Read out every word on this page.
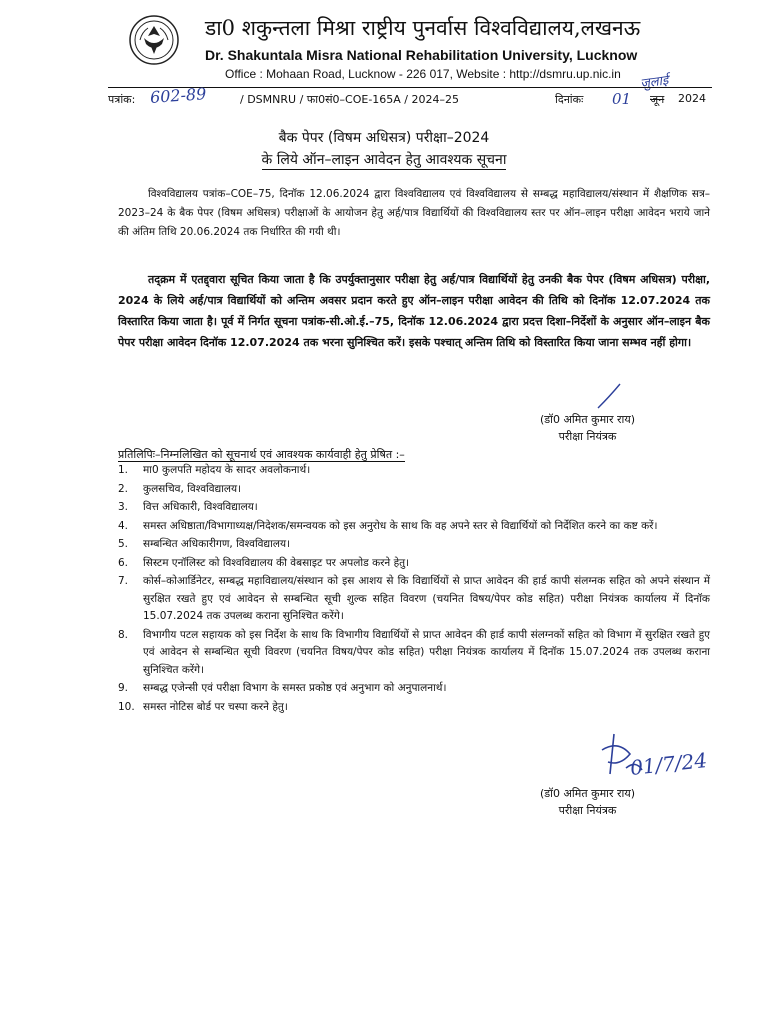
डा0 शकुन्तला मिश्रा राष्ट्रीय पुनर्वास विश्वविद्यालय,लखनऊ
Dr. Shakuntala Misra National Rehabilitation University, Lucknow
Office : Mohaan Road, Lucknow - 226 017, Website : http://dsmru.up.nic.in जुलाई
पत्रांक: 602-89	/ DSMNRU / फा0सं0–COE-165A / 2024–25	दिनांकः 01 जून 2024
बैक पेपर (विषम अधिसत्र) परीक्षा–2024
के लिये ऑन–लाइन आवेदन हेतु आवश्यक सूचना
विश्वविद्यालय पत्रांक–COE–75, दिनॉक 12.06.2024 द्वारा विश्वविद्यालय एवं विश्वविद्यालय से सम्बद्ध महाविद्यालय/संस्थान में शैक्षणिक सत्र–2023–24 के बैक पेपर (विषम अधिसत्र) परीक्षाओं के आयोजन हेतु अर्ह/पात्र विद्यार्थियों की विश्वविद्यालय स्तर पर ऑन–लाइन परीक्षा आवेदन भराये जाने की अंतिम तिथि 20.06.2024 तक निर्धारित की गयी थी।
तद्क्रम में एतद्द्वारा सूचित किया जाता है कि उपर्युक्तानुसार परीक्षा हेतु अर्ह/पात्र विद्यार्थियों हेतु उनकी बैक पेपर (विषम अधिसत्र) परीक्षा, 2024 के लिये अर्ह/पात्र विद्यार्थियों को अन्तिम अवसर प्रदान करते हुए ऑन–लाइन परीक्षा आवेदन की तिथि को दिनॉक 12.07.2024 तक विस्तारित किया जाता है। पूर्व में निर्गत सूचना पत्रांक-सी.ओ.ई.–75, दिनॉक 12.06.2024 द्वारा प्रदत्त दिशा–निर्देशों के अनुसार ऑन–लाइन बैक पेपर परीक्षा आवेदन दिनॉक 12.07.2024 तक भरना सुनिश्चित करें। इसके पश्चात् अन्तिम तिथि को विस्तारित किया जाना सम्भव नहीं होगा।
(डॉ0 अमित कुमार राय)
परीक्षा नियंत्रक
प्रतिलिपिः–निम्नलिखित को सूचनार्थ एवं आवश्यक कार्यवाही हेतु प्रेषित :–
1. मा0 कुलपति महोदय के सादर अवलोकनार्थ।
2. कुलसचिव, विश्वविद्यालय।
3. वित्त अधिकारी, विश्वविद्यालय।
4. समस्त अधिष्ठाता/विभागाध्यक्ष/निदेशक/समन्वयक को इस अनुरोध के साथ कि वह अपने स्तर से विद्यार्थियों को निर्देशित करने का कष्ट करें।
5. सम्बन्धित अधिकारीगण, विश्वविद्यालय।
6. सिस्टम एनॉलिस्ट को विश्वविद्यालय की वेबसाइट पर अपलोड करने हेतु।
7. कोर्स–कोआर्डिनेटर, सम्बद्ध महाविद्यालय/संस्थान को इस आशय से कि विद्यार्थियों से प्राप्त आवेदन की हार्ड कापी संलग्नक सहित को अपने संस्थान में सुरक्षित रखते हुए एवं आवेदन से सम्बन्धित सूची शुल्क सहित विवरण (चयनित विषय/पेपर कोड सहित) परीक्षा नियंत्रक कार्यालय में दिनॉक 15.07.2024 तक उपलब्ध कराना सुनिश्चित करेंगे।
8. विभागीय पटल सहायक को इस निर्देश के साथ कि विभागीय विद्यार्थियों से प्राप्त आवेदन की हार्ड कापी संलग्नकों सहित को विभाग में सुरक्षित रखते हुए एवं आवेदन से सम्बन्धित सूची विवरण (चयनित विषय/पेपर कोड सहित) परीक्षा नियंत्रक कार्यालय में दिनॉक 15.07.2024 तक उपलब्ध कराना सुनिश्चित करेंगे।
9. सम्बद्ध एजेन्सी एवं परीक्षा विभाग के समस्त प्रकोष्ठ एवं अनुभाग को अनुपालनार्थ।
10. समस्त नोटिस बोर्ड पर चस्पा करने हेतु।
01/7/24
(डॉ0 अमित कुमार राय)
परीक्षा नियंत्रक
